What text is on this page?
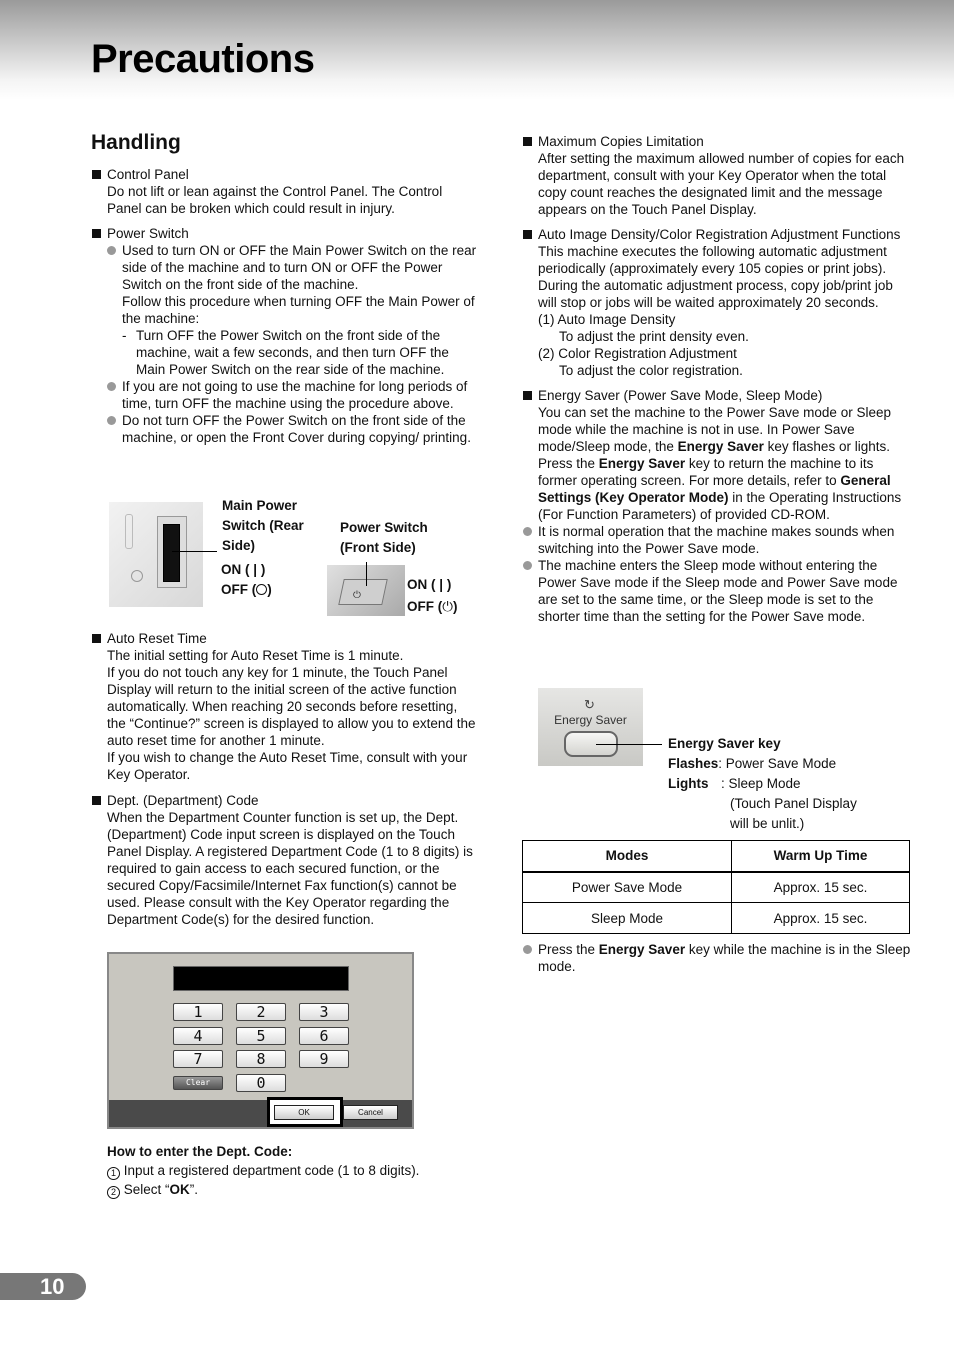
Precautions
Handling

Control Panel

Do not lift or lean against the Control Panel. The Control Panel can be broken which could result in injury.

Power Switch

Used to turn ON or OFF the Main Power Switch on the rear side of the machine and to turn ON or OFF the Power Switch on the front side of the machine.

Follow this procedure when turning OFF the Main Power of the machine:

- Turn OFF the Power Switch on the front side of the machine, wait a few seconds, and then turn OFF the Main Power Switch on the rear side of the machine.

If you are not going to use the machine for long periods of time, turn OFF the machine using the procedure above.

Do not turn OFF the Power Switch on the front side of the machine, or open the Front Cover during copying/ printing.

Main Power
Switch (Rear
Side)
ON ( | )
OFF ( )
Power Switch
(Front Side)
⏻
ON ( | )
OFF (⏻)

Auto Reset Time

The initial setting for Auto Reset Time is 1 minute.

If you do not touch any key for 1 minute, the Touch Panel Display will return to the initial screen of the active function automatically. When reaching 20 seconds before resetting, the “Continue?” screen is displayed to allow you to extend the auto reset time for another 1 minute.

If you wish to change the Auto Reset Time, consult with your Key Operator.

Dept. (Department) Code

When the Department Counter function is set up, the Dept. (Department) Code input screen is displayed on the Touch Panel Display. A registered Department Code (1 to 8 digits) is required to gain access to each secured function, or the secured Copy/Facsimile/Internet Fax function(s) cannot be used. Please consult with the Key Operator regarding the Department Code(s) for the desired function.

1	2	3
4	5	6
7	8	9
Clear	0
OK	Cancel

How to enter the Dept. Code:

1 Input a registered department code (1 to 8 digits).

2 Select “OK”.

Maximum Copies Limitation

After setting the maximum allowed number of copies for each department, consult with your Key Operator when the total copy count reaches the designated limit and the message appears on the Touch Panel Display.

Auto Image Density/Color Registration Adjustment Functions

This machine executes the following automatic adjustment periodically (approximately every 105 copies or print jobs). During the automatic adjustment process, copy job/print job will stop or jobs will be waited approximately 20 seconds.

(1) Auto Image Density

To adjust the print density even.

(2) Color Registration Adjustment

To adjust the color registration.

Energy Saver (Power Save Mode, Sleep Mode)

You can set the machine to the Power Save mode or Sleep mode while the machine is not in use. In Power Save mode/Sleep mode, the Energy Saver key flashes or lights. Press the Energy Saver key to return the machine to its former operating screen. For more details, refer to General Settings (Key Operator Mode) in the Operating Instructions (For Function Parameters) of provided CD-ROM.

It is normal operation that the machine makes sounds when switching into the Power Save mode.

The machine enters the Sleep mode without entering the Power Save mode if the Sleep mode and Power Save mode are set to the same time, or the Sleep mode is set to the shorter time than the setting for the Power Save mode.

↻
Energy Saver
Energy Saver key
Flashes: Power Save Mode
Lights : Sleep Mode
(Touch Panel Display
will be unlit.)
Modes	Warm Up Time
Power Save Mode	Approx. 15 sec.
Sleep Mode	Approx. 15 sec.

Press the Energy Saver key while the machine is in the Sleep mode.

10
